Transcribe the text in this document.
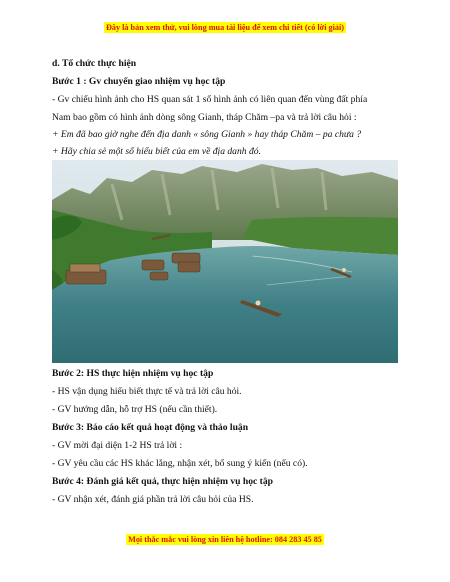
Đây là bản xem thử, vui lòng mua tài liệu để xem chi tiết (có lời giải)
d. Tổ chức thực hiện
Bước 1 : Gv chuyển giao nhiệm vụ học tập
- Gv chiếu hình ảnh cho HS quan sát 1 số hình ảnh có liên quan đến vùng đất phía
Nam bao gồm có hình ảnh dòng sông Gianh, tháp Chăm –pa và trả lời câu hỏi :
+ Em đã bao giờ nghe đến địa danh « sông Gianh » hay tháp Chăm – pa chưa ?
+ Hãy chia sẻ một số hiểu biết của em về địa danh đó.
Bước 2: HS thực hiện nhiệm vụ học tập
- HS vận dụng hiểu biết thực tế và trả lời câu hỏi.
- GV hướng dẫn, hỗ trợ HS (nếu cần thiết).
Bước 3: Báo cáo kết quả hoạt động và thảo luận
- GV mời đại diện 1-2 HS trả lời :
- GV yêu cầu các HS khác lắng, nhận xét, bổ sung ý kiến (nếu có).
Bước 4: Đánh giá kết quả, thực hiện nhiệm vụ học tập
- GV nhận xét, đánh giá phần trả lời câu hỏi của HS.
Mọi thắc mắc vui lòng xin liên hệ hotline: 084 283 45 85
